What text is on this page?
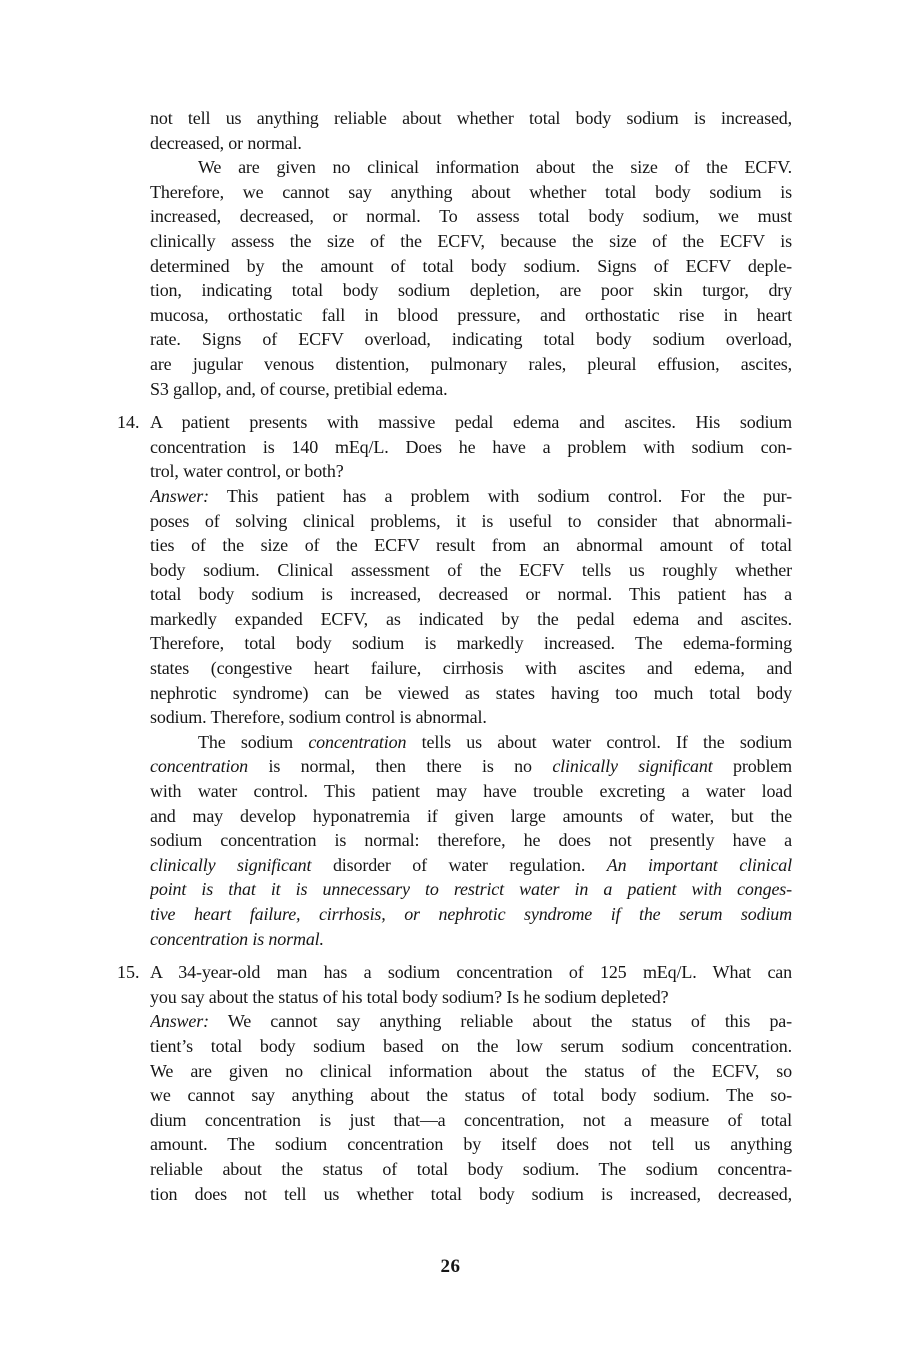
not tell us anything reliable about whether total body sodium is increased,
decreased, or normal.
We are given no clinical information about the size of the ECFV.
Therefore, we cannot say anything about whether total body sodium is
increased, decreased, or normal. To assess total body sodium, we must
clinically assess the size of the ECFV, because the size of the ECFV is
determined by the amount of total body sodium. Signs of ECFV deple-
tion, indicating total body sodium depletion, are poor skin turgor, dry
mucosa, orthostatic fall in blood pressure, and orthostatic rise in heart
rate. Signs of ECFV overload, indicating total body sodium overload,
are jugular venous distention, pulmonary rales, pleural effusion, ascites,
S3 gallop, and, of course, pretibial edema.
14. A patient presents with massive pedal edema and ascites. His sodium
concentration is 140 mEq/L. Does he have a problem with sodium con-
trol, water control, or both?
Answer: This patient has a problem with sodium control. For the pur-
poses of solving clinical problems, it is useful to consider that abnormali-
ties of the size of the ECFV result from an abnormal amount of total
body sodium. Clinical assessment of the ECFV tells us roughly whether
total body sodium is increased, decreased or normal. This patient has a
markedly expanded ECFV, as indicated by the pedal edema and ascites.
Therefore, total body sodium is markedly increased. The edema-forming
states (congestive heart failure, cirrhosis with ascites and edema, and
nephrotic syndrome) can be viewed as states having too much total body
sodium. Therefore, sodium control is abnormal.
The sodium concentration tells us about water control. If the sodium
concentration is normal, then there is no clinically significant problem
with water control. This patient may have trouble excreting a water load
and may develop hyponatremia if given large amounts of water, but the
sodium concentration is normal: therefore, he does not presently have a
clinically significant disorder of water regulation. An important clinical
point is that it is unnecessary to restrict water in a patient with conges-
tive heart failure, cirrhosis, or nephrotic syndrome if the serum sodium
concentration is normal.
15. A 34-year-old man has a sodium concentration of 125 mEq/L. What can
you say about the status of his total body sodium? Is he sodium depleted?
Answer: We cannot say anything reliable about the status of this pa-
tient’s total body sodium based on the low serum sodium concentration.
We are given no clinical information about the status of the ECFV, so
we cannot say anything about the status of total body sodium. The so-
dium concentration is just that—a concentration, not a measure of total
amount. The sodium concentration by itself does not tell us anything
reliable about the status of total body sodium. The sodium concentra-
tion does not tell us whether total body sodium is increased, decreased,
26
